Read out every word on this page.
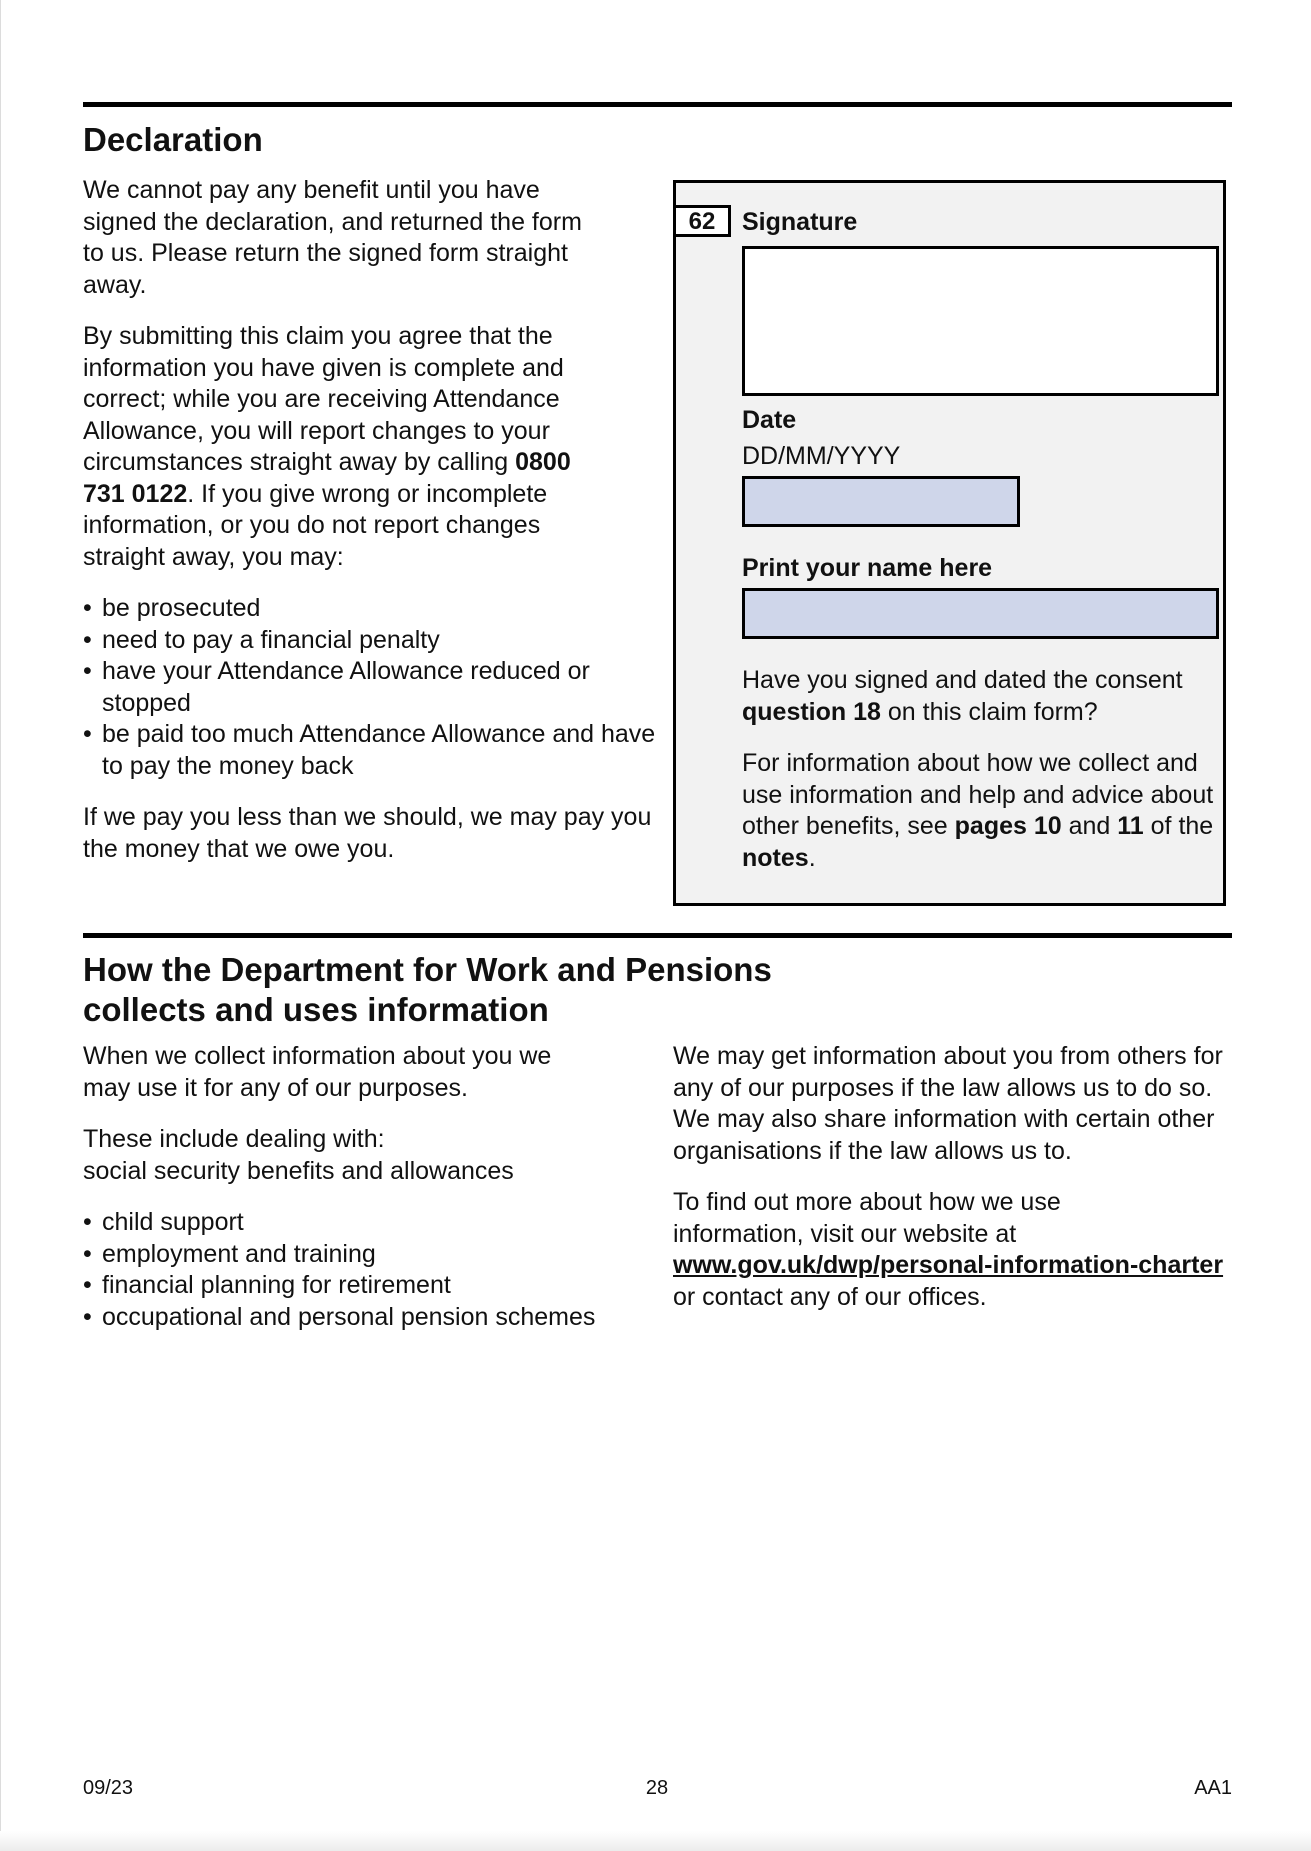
Declaration

We cannot pay any benefit until you have signed the declaration, and returned the form to us. Please return the signed form straight away.

By submitting this claim you agree that the information you have given is complete and correct; while you are receiving Attendance Allowance, you will report changes to your circumstances straight away by calling 0800 731 0122. If you give wrong or incomplete information, or you do not report changes straight away, you may:

• be prosecuted
• need to pay a financial penalty
• have your Attendance Allowance reduced or stopped
• be paid too much Attendance Allowance and have to pay the money back

If we pay you less than we should, we may pay you the money that we owe you.

62	Signature
Date
DD/MM/YYYY
Print your name here

Have you signed and dated the consent question 18 on this claim form?

For information about how we collect and use information and help and advice about other benefits, see pages 10 and 11 of the notes.

How the Department for Work and Pensions
collects and uses information

When we collect information about you we may use it for any of our purposes.

These include dealing with:
social security benefits and allowances

• child support
• employment and training
• financial planning for retirement
• occupational and personal pension schemes

We may get information about you from others for any of our purposes if the law allows us to do so. We may also share information with certain other organisations if the law allows us to.

To find out more about how we use information, visit our website at
www.gov.uk/dwp/personal-information-charter
or contact any of our offices.

09/23	28	AA1
